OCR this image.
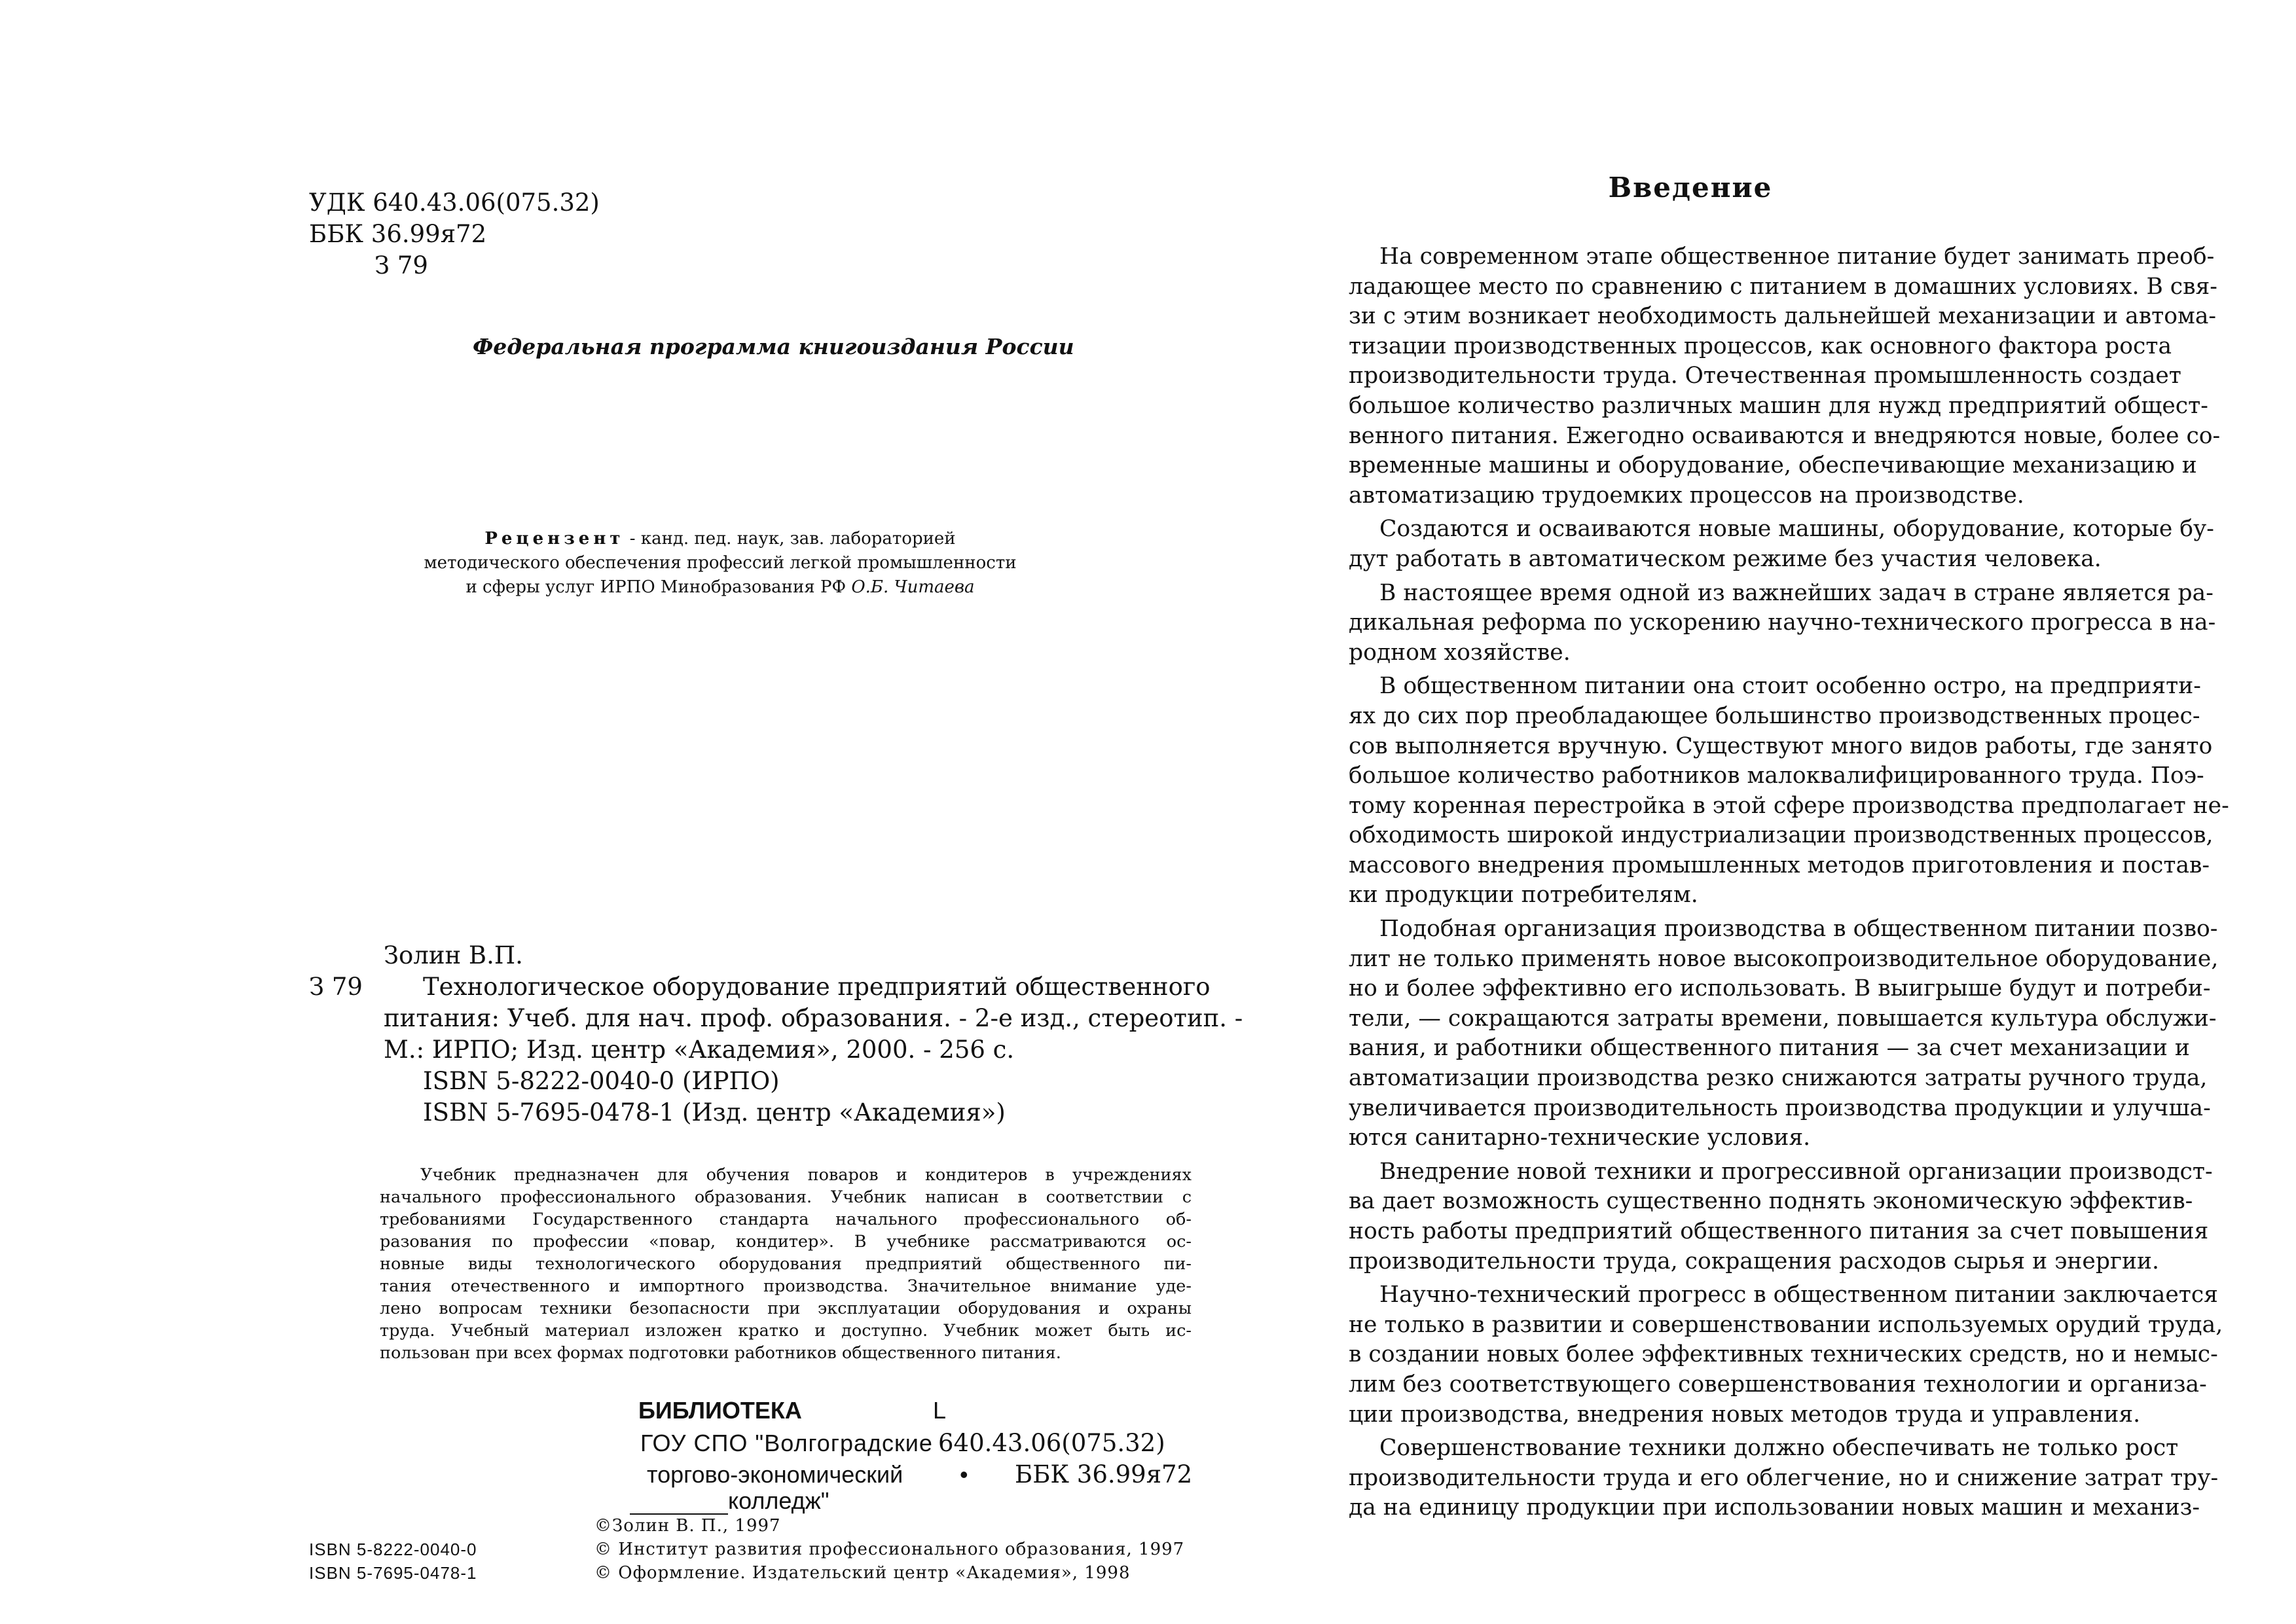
УДК 640.43.06(075.32)
ББК 36.99я72
З 79
Федеральная программа книгоиздания России
Рецензент - канд. пед. наук, зав. лабораторией
методического обеспечения профессий легкой промышленности
и сферы услуг ИРПО Минобразования РФ О.Б. Читаева
Золин В.П.
З 79 Технологическое оборудование предприятий общественного
питания: Учеб. для нач. проф. образования. - 2-е изд., стереотип. -
М.: ИРПО; Изд. центр «Академия», 2000. - 256 с.
ISBN 5-8222-0040-0 (ИРПО)
ISBN 5-7695-0478-1 (Изд. центр «Академия»)
Учебник предназначен для обучения поваров и кондитеров в учреждениях
начального профессионального образования. Учебник написан в соответствии с
требованиями Государственного стандарта начального профессионального об-
разования по профессии «повар, кондитер». В учебнике рассматриваются ос-
новные виды технологического оборудования предприятий общественного пи-
тания отечественного и импортного производства. Значительное внимание уде-
лено вопросам техники безопасности при эксплуатации оборудования и охраны
труда. Учебный материал изложен кратко и доступно. Учебник может быть ис-
пользован при всех формах подготовки работников общественного питания.
БИБЛИОТЕКА	L
ГОУ СПО "Волгоградские 640.43.06(075.32)
торгово-экономический • ББК 36.99я72
колледж"
©Золин В. П., 1997
© Институт развития профессионального образования, 1997
© Оформление. Издательский центр «Академия», 1998
ISBN 5-8222-0040-0
ISBN 5-7695-0478-1
Введение
На современном этапе общественное питание будет занимать преоб-
ладающее место по сравнению с питанием в домашних условиях. В свя-
зи с этим возникает необходимость дальнейшей механизации и автома-
тизации производственных процессов, как основного фактора роста
производительности труда. Отечественная промышленность создает
большое количество различных машин для нужд предприятий общест-
венного питания. Ежегодно осваиваются и внедряются новые, более со-
временные машины и оборудование, обеспечивающие механизацию и
автоматизацию трудоемких процессов на производстве.
Создаются и осваиваются новые машины, оборудование, которые бу-
дут работать в автоматическом режиме без участия человека.
В настоящее время одной из важнейших задач в стране является ра-
дикальная реформа по ускорению научно-технического прогресса в на-
родном хозяйстве.
В общественном питании она стоит особенно остро, на предприяти-
ях до сих пор преобладающее большинство производственных процес-
сов выполняется вручную. Существуют много видов работы, где занято
большое количество работников малоквалифицированного труда. Поэ-
тому коренная перестройка в этой сфере производства предполагает не-
обходимость широкой индустриализации производственных процессов,
массового внедрения промышленных методов приготовления и постав-
ки продукции потребителям.
Подобная организация производства в общественном питании позво-
лит не только применять новое высокопроизводительное оборудование,
но и более эффективно его использовать. В выигрыше будут и потреби-
тели, — сокращаются затраты времени, повышается культура обслужи-
вания, и работники общественного питания — за счет механизации и
автоматизации производства резко снижаются затраты ручного труда,
увеличивается производительность производства продукции и улучша-
ются санитарно-технические условия.
Внедрение новой техники и прогрессивной организации производст-
ва дает возможность существенно поднять экономическую эффектив-
ность работы предприятий общественного питания за счет повышения
производительности труда, сокращения расходов сырья и энергии.
Научно-технический прогресс в общественном питании заключается
не только в развитии и совершенствовании используемых орудий труда,
в создании новых более эффективных технических средств, но и немыс-
лим без соответствующего совершенствования технологии и организа-
ции производства, внедрения новых методов труда и управления.
Совершенствование техники должно обеспечивать не только рост
производительности труда и его облегчение, но и снижение затрат тру-
да на единицу продукции при использовании новых машин и механиз-
